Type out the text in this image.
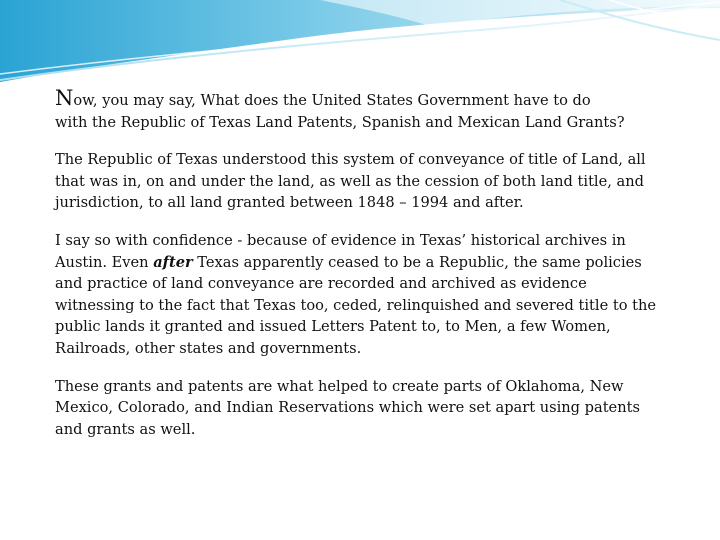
Now, you may say, What does the United States Government have to do
with the Republic of Texas Land Patents, Spanish and Mexican Land Grants?

The Republic of Texas understood this system of conveyance of title of Land, all that was in, on and under the land, as well as the cession of both land title, and jurisdiction, to all land granted between 1848 – 1994 and after.

I say so with confidence - because of evidence in Texas’ historical archives in Austin. Even after Texas apparently ceased to be a Republic, the same policies and practice of land conveyance are recorded and archived as evidence witnessing to the fact that Texas too, ceded, relinquished and severed title to the public lands it granted and issued Letters Patent to, to Men, a few Women, Railroads, other states and governments.

These grants and patents are what helped to create parts of Oklahoma, New Mexico, Colorado, and Indian Reservations which were set apart using patents and grants as well.
